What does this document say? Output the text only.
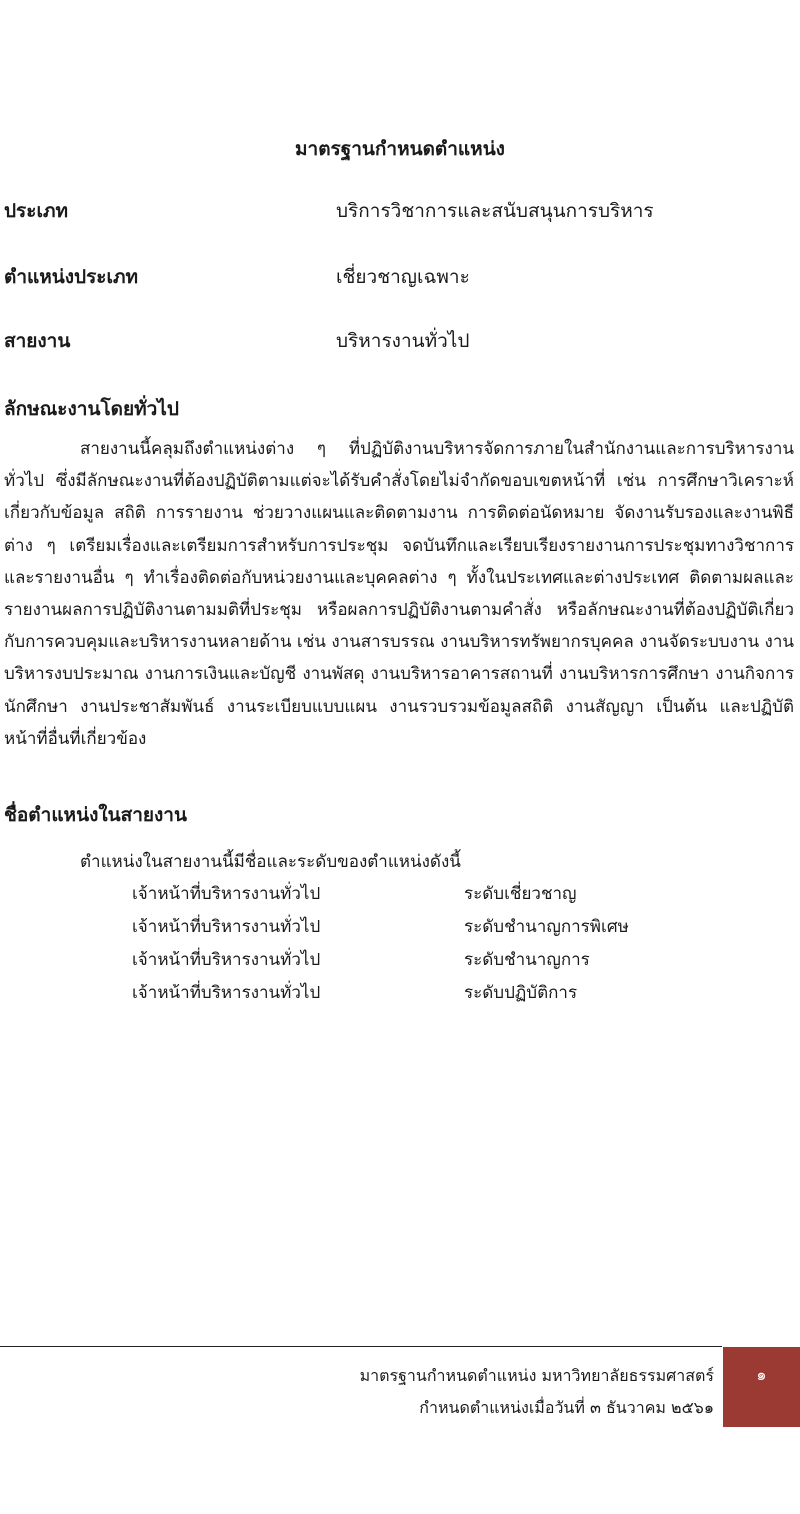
มาตรฐานกำหนดตำแหน่ง
ประเภท	บริการวิชาการและสนับสนุนการบริหาร
ตำแหน่งประเภท	เชี่ยวชาญเฉพาะ
สายงาน	บริหารงานทั่วไป
ลักษณะงานโดยทั่วไป

สายงานนี้คลุมถึงตำแหน่งต่าง ๆ ที่ปฏิบัติงานบริหารจัดการภายในสำนักงานและการบริหารงานทั่วไป ซึ่งมีลักษณะงานที่ต้องปฏิบัติตามแต่จะได้รับคำสั่งโดยไม่จำกัดขอบเขตหน้าที่ เช่น การศึกษาวิเคราะห์เกี่ยวกับข้อมูล สถิติ การรายงาน ช่วยวางแผนและติดตามงาน การติดต่อนัดหมาย จัดงานรับรองและงานพิธีต่าง ๆ เตรียมเรื่องและเตรียมการสำหรับการประชุม จดบันทึกและเรียบเรียงรายงานการประชุมทางวิชาการ และรายงานอื่น ๆ ทำเรื่องติดต่อกับหน่วยงานและบุคคลต่าง ๆ ทั้งในประเทศและต่างประเทศ ติดตามผลและรายงานผลการปฏิบัติงานตามมติที่ประชุม หรือผลการปฏิบัติงานตามคำสั่ง หรือลักษณะงานที่ต้องปฏิบัติเกี่ยวกับการควบคุมและบริหารงานหลายด้าน เช่น งานสารบรรณ งานบริหารทรัพยากรบุคคล งานจัดระบบงาน งานบริหารงบประมาณ งานการเงินและบัญชี งานพัสดุ งานบริหารอาคารสถานที่ งานบริหารการศึกษา งานกิจการนักศึกษา งานประชาสัมพันธ์ งานระเบียบแบบแผน งานรวบรวมข้อมูลสถิติ งานสัญญา เป็นต้น และปฏิบัติหน้าที่อื่นที่เกี่ยวข้อง

ชื่อตำแหน่งในสายงาน
ตำแหน่งในสายงานนี้มีชื่อและระดับของตำแหน่งดังนี้
เจ้าหน้าที่บริหารงานทั่วไป	ระดับเชี่ยวชาญ
เจ้าหน้าที่บริหารงานทั่วไป	ระดับชำนาญการพิเศษ
เจ้าหน้าที่บริหารงานทั่วไป	ระดับชำนาญการ
เจ้าหน้าที่บริหารงานทั่วไป	ระดับปฏิบัติการ
มาตรฐานกำหนดตำแหน่ง มหาวิทยาลัยธรรมศาสตร์
กำหนดตำแหน่งเมื่อวันที่ ๓ ธันวาคม ๒๕๖๑
๑
